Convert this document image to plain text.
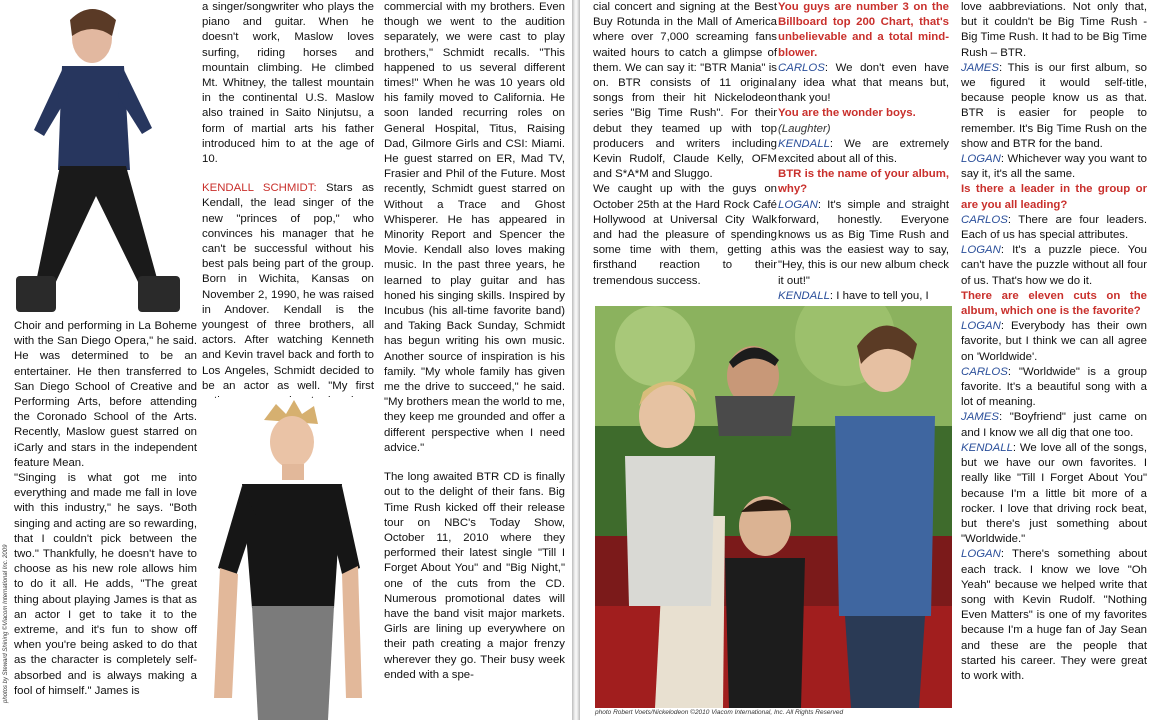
photos by Steward Shining ©Viacom International Inc. 2009

Choir and performing in La Boheme with the San Diego Opera," he said. He was determined to be an entertainer. He then transferred to San Diego School of Creative and Performing Arts, before attending the Coronado School of the Arts. Recently, Maslow guest starred on iCarly and stars in the independent feature Mean.

"Singing is what got me into everything and made me fall in love with this industry," he says. "Both singing and acting are so rewarding, that I couldn't pick between the two." Thankfully, he doesn't have to choose as his new role allows him to do it all. He adds, "The great thing about playing James is that as an actor I get to take it to the extreme, and it's fun to show off when you're being asked to do that as the character is completely self-absorbed and is always making a fool of himself." James is

a singer/songwriter who plays the piano and guitar. When he doesn't work, Maslow loves surfing, riding horses and mountain climbing. He climbed Mt. Whitney, the tallest mountain in the continental U.S. Maslow also trained in Saito Ninjutsu, a form of martial arts his father introduced him to at the age of 10.

KENDALL SCHMIDT: Stars as Kendall, the lead singer of the new "princes of pop," who convinces his manager that he can't be successful without his best pals being part of the group. Born in Wichita, Kansas on November 2, 1990, he was raised in Andover. Kendall is the youngest of three brothers, all actors. After watching Kenneth and Kevin travel back and forth to Los Angeles, Schmidt decided to be an actor as well. "My first

commercial with my brothers. Even though we went to the audition separately, we were cast to play brothers," Schmidt recalls. "This happened to us several different times!" When he was 10 years old his family moved to California. He soon landed recurring roles on General Hospital, Titus, Raising Dad, Gilmore Girls and CSI: Miami. He guest starred on ER, Mad TV, Frasier and Phil of the Future. Most recently, Schmidt guest starred on Without a Trace and Ghost Whisperer. He has appeared in Minority Report and Spencer the Movie. Kendall also loves making music. In the past three years, he learned to play guitar and has honed his singing skills. Inspired by Incubus (his all-time favorite band) and Taking Back Sunday, Schmidt has begun writing his own music. Another source of inspiration is his family. "My whole family has given me the drive to succeed," he said. "My brothers mean the world to me, they keep me grounded and offer a different perspective when I need advice."

The long awaited BTR CD is finally out to the delight of their fans. Big Time Rush kicked off their release tour on NBC's Today Show, October 11, 2010 where they performed their latest single "Till I Forget About You" and "Big Night," one of the cuts from the CD. Numerous promotional dates will have the band visit major markets. Girls are lining up everywhere on their path creating a major frenzy wherever they go. Their busy week ended with a spe-

cial concert and signing at the Best Buy Rotunda in the Mall of America where over 7,000 screaming fans waited hours to catch a glimpse of them. We can say it: "BTR Mania" is on. BTR consists of 11 original songs from their hit Nickelodeon series "Big Time Rush". For their debut they teamed up with top producers and writers including Kevin Rudolf, Claude Kelly, OFM and S*A*M and Sluggo.

We caught up with the guys on October 25th at the Hard Rock Café Hollywood at Universal City Walk and had the pleasure of spending some time with them, getting a firsthand reaction to their tremendous success.

You guys are number 3 on the Billboard top 200 Chart, that's unbelievable and a total mind-blower.

CARLOS: We don't even have any idea what that means but, thank you!

You are the wonder boys.

(Laughter)

KENDALL: We are extremely excited about all of this.

BTR is the name of your album, why?

LOGAN: It's simple and straight forward, honestly. Everyone knows us as Big Time Rush and this was the easiest way to say, "Hey, this is our new album check it out!"

KENDALL: I have to tell you, I

photo Robert Voets/Nickelodeon ©2010 Viacom International, Inc. All Rights Reserved

love aabbreviations. Not only that, but it couldn't be Big Time Rush - Big Time Rush. It had to be Big Time Rush – BTR.

JAMES: This is our first album, so we figured it would self-title, because people know us as that. BTR is easier for people to remember. It's Big Time Rush on the show and BTR for the band.

LOGAN: Whichever way you want to say it, it's all the same.

Is there a leader in the group or are you all leading?

CARLOS: There are four leaders. Each of us has special attributes.

LOGAN: It's a puzzle piece. You can't have the puzzle without all four of us. That's how we do it.

There are eleven cuts on the album, which one is the favorite?

LOGAN: Everybody has their own favorite, but I think we can all agree on 'Worldwide'.

CARLOS: "Worldwide" is a group favorite. It's a beautiful song with a lot of meaning.

JAMES: "Boyfriend" just came on and I know we all dig that one too.

KENDALL: We love all of the songs, but we have our own favorites. I really like "Till I Forget About You" because I'm a little bit more of a rocker. I love that driving rock beat, but there's just something about "Worldwide."

LOGAN: There's something about each track. I know we love "Oh Yeah" because we helped write that song with Kevin Rudolf. "Nothing Even Matters" is one of my favorites because I'm a huge fan of Jay Sean and these are the people that started his career. They were great to work with.
